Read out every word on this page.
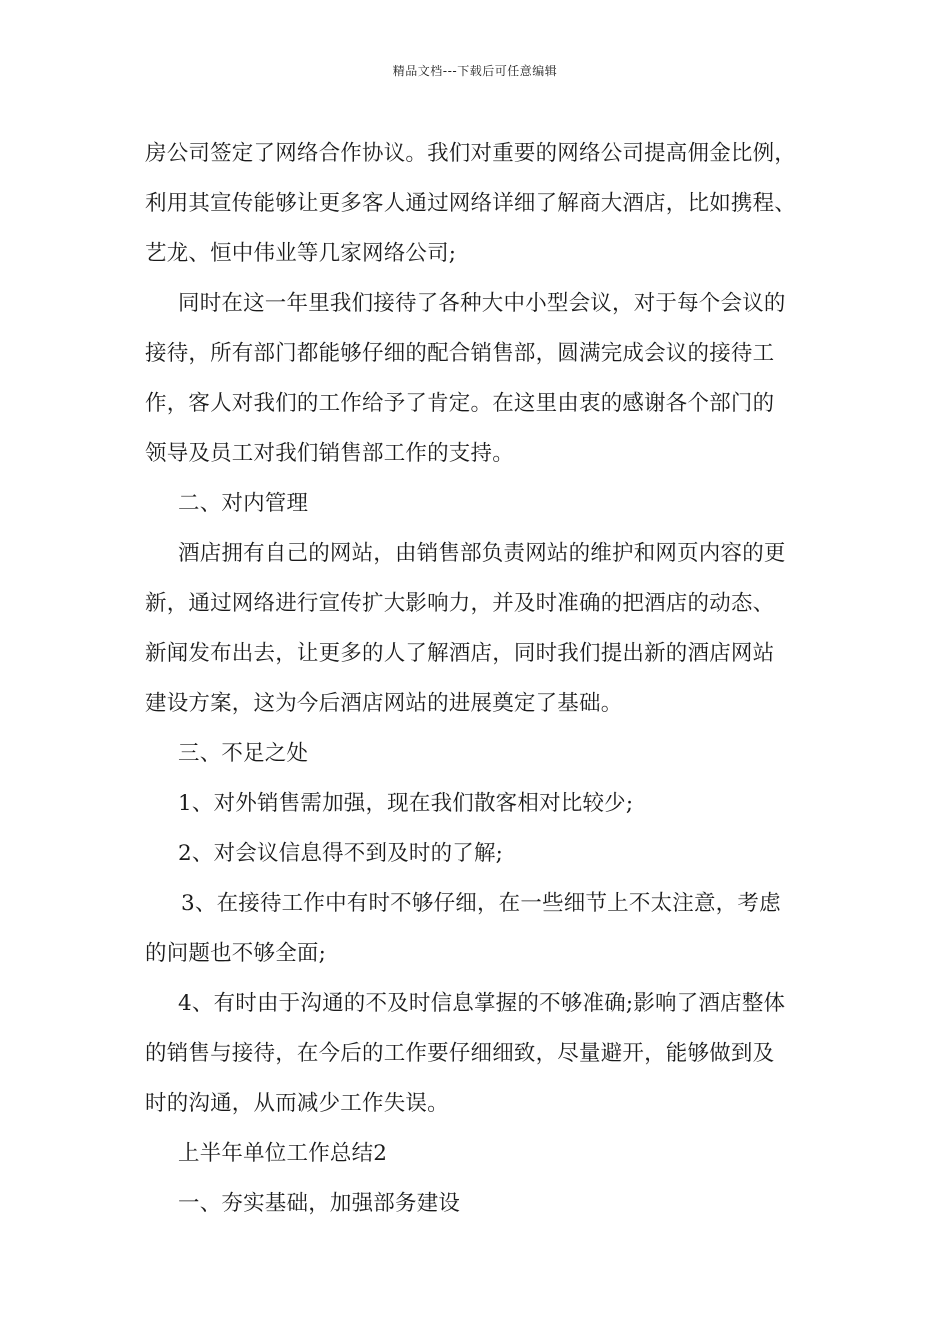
精品文档---下载后可任意编辑
房公司签定了网络合作协议。我们对重要的网络公司提高佣金比例，
利用其宣传能够让更多客人通过网络详细了解商大酒店，比如携程、
艺龙、恒中伟业等几家网络公司;
同时在这一年里我们接待了各种大中小型会议，对于每个会议的
接待，所有部门都能够仔细的配合销售部，圆满完成会议的接待工
作，客人对我们的工作给予了肯定。在这里由衷的感谢各个部门的
领导及员工对我们销售部工作的支持。
二、对内管理
酒店拥有自己的网站，由销售部负责网站的维护和网页内容的更
新，通过网络进行宣传扩大影响力，并及时准确的把酒店的动态、
新闻发布出去，让更多的人了解酒店，同时我们提出新的酒店网站
建设方案，这为今后酒店网站的进展奠定了基础。
三、不足之处
1、对外销售需加强，现在我们散客相对比较少;
2、对会议信息得不到及时的了解;
3、在接待工作中有时不够仔细，在一些细节上不太注意，考虑
的问题也不够全面;
4、有时由于沟通的不及时信息掌握的不够准确;影响了酒店整体
的销售与接待，在今后的工作要仔细细致，尽量避开，能够做到及
时的沟通，从而减少工作失误。
上半年单位工作总结2
一、夯实基础，加强部务建设
